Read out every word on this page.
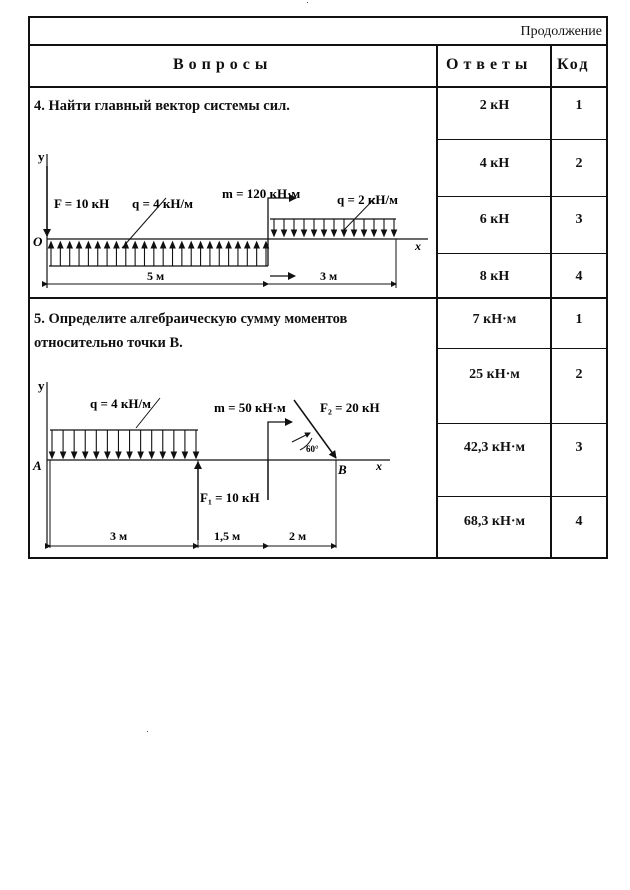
Продолжение
Вопросы	Ответы Код
4. Найти главный вектор системы сил.	2 кН	1
4 кН	2
6 кН	3
8 кН	4
5. Определите алгебраическую сумму моментов
относительно точки B.
7 кН·м	1
25 кН·м	2
42,3 кН·м	3
68,3 кН·м	4
y
x
O
F = 10 кН q = 4 кН/м
m = 120 кН·м	q = 2 кН/м
5 м	3 м
y
x
A	B
q = 4 кН/м
F₁ = 10 кН
m = 50 кН·м	F₂ = 20 кН
60°
3 м	1,5 м	2 м
